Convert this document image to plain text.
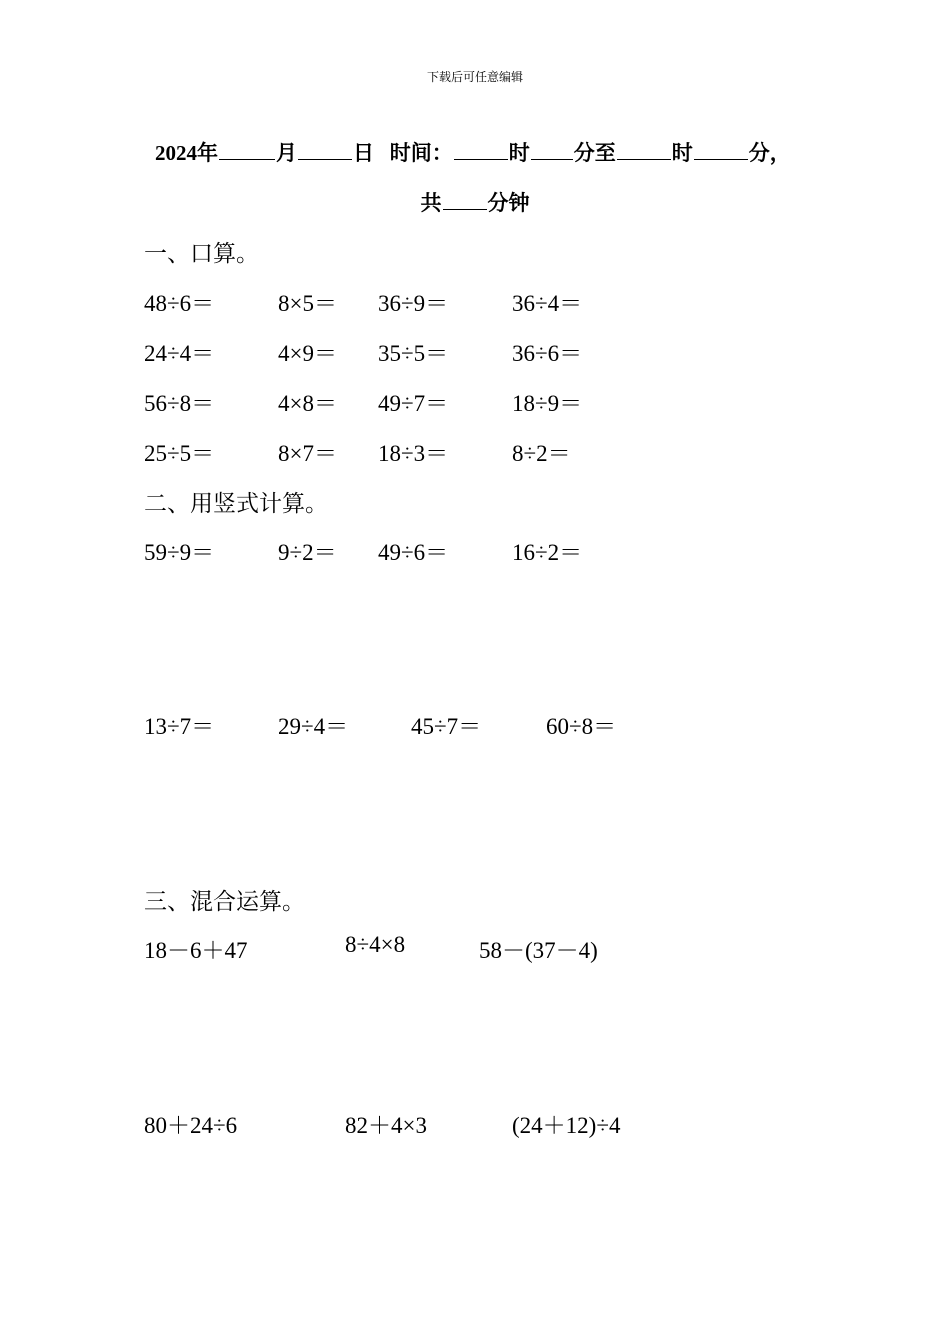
下载后可任意编辑
2024年	月	日 时间：	时 分至	时	分，
共 分钟
一、口算。
48÷6＝	8×5＝ 36÷9＝	36÷4＝
24÷4＝	4×9＝ 35÷5＝	36÷6＝
56÷8＝	4×8＝ 49÷7＝	18÷9＝
25÷5＝	8×7＝ 18÷3＝	8÷2＝
二、用竖式计算。
59÷9＝	9÷2＝ 49÷6＝	16÷2＝
13÷7＝	29÷4＝	45÷7＝	60÷8＝
三、混合运算。
18－6＋47	8÷4×8	58－(37－4)
80＋24÷6	82＋4×3	(24＋12)÷4
